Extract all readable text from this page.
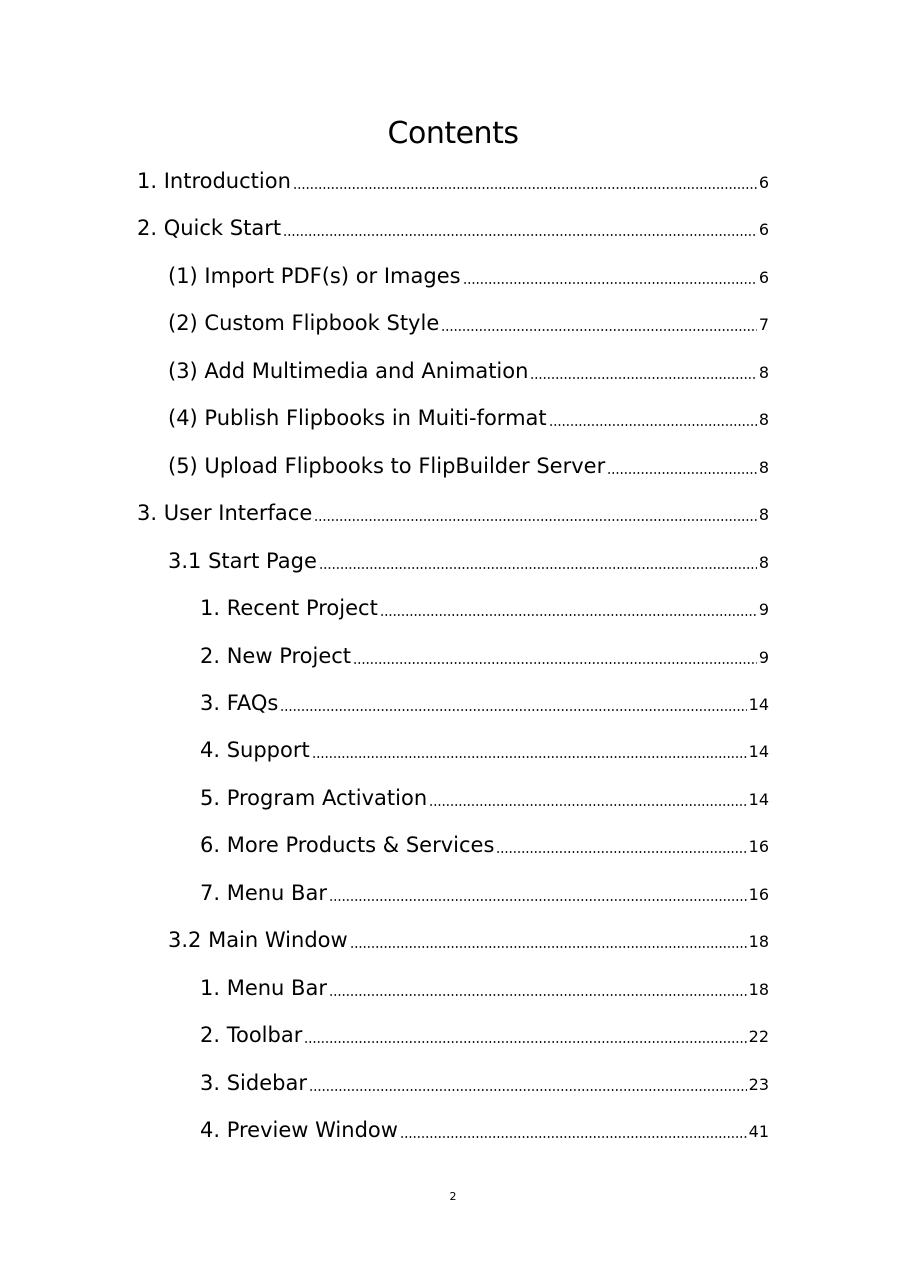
Contents
1. Introduction	6
2. Quick Start	6
(1) Import PDF(s) or Images	6
(2) Custom Flipbook Style	7
(3) Add Multimedia and Animation	8
(4) Publish Flipbooks in Muiti-format	8
(5) Upload Flipbooks to FlipBuilder Server	8
3. User Interface	8
3.1 Start Page	8
1. Recent Project	9
2. New Project	9
3. FAQs	14
4. Support	14
5. Program Activation	14
6. More Products & Services	16
7. Menu Bar	16
3.2 Main Window	18
1. Menu Bar	18
2. Toolbar	22
3. Sidebar	23
4. Preview Window	41
2
